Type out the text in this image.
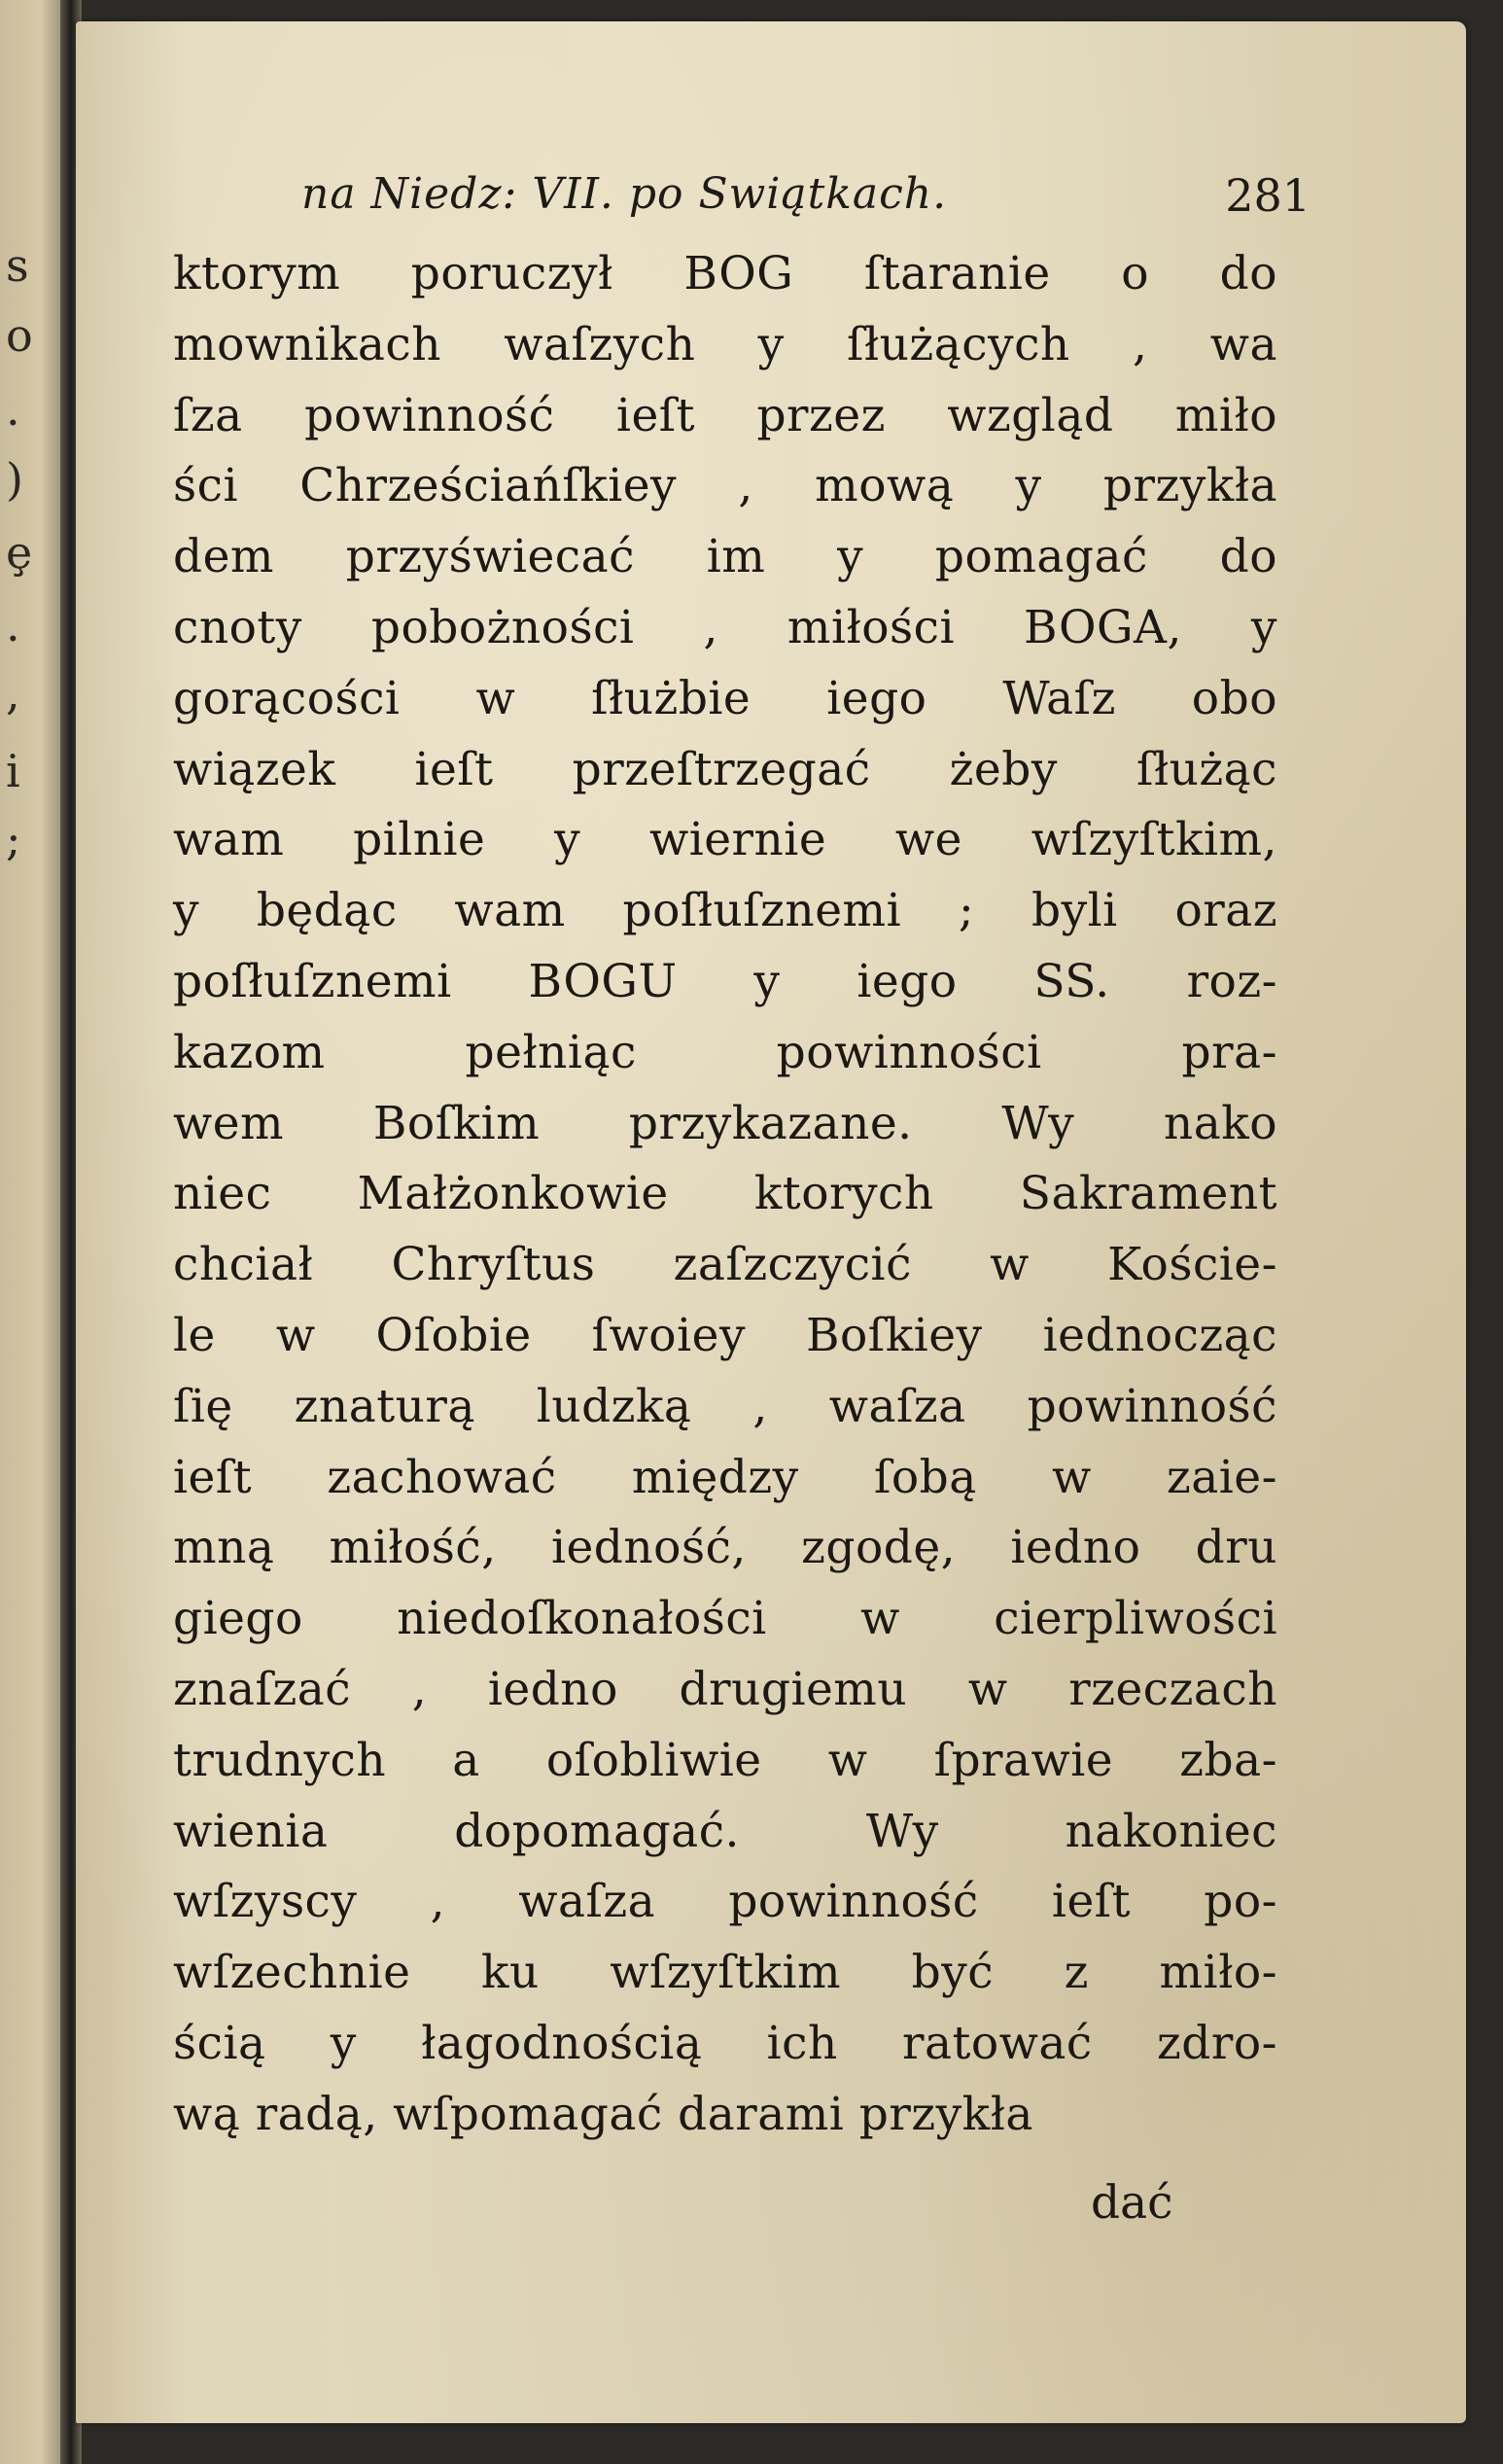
s
o
.
)
ȩ
.
,
i
;
na Niedz: VII. po Swiątkach.	281
ktorym poruczył BOG ſtaranie o do
mownikach waſzych y ſłużących , wa
ſza powinność ieſt przez wzgląd miło
ści Chrześciańſkiey , mową y przykła
dem przyświecać im y pomagać do
cnoty pobożności , miłości BOGA, y
gorącości w ſłużbie iego Waſz obo
wiązek ieſt przeſtrzegać żeby ſłużąc
wam pilnie y wiernie we wſzyſtkim,
y będąc wam poſłuſznemi ; byli oraz
poſłuſznemi BOGU y iego SS. roz-
kazom pełniąc powinności pra-
wem Boſkim przykazane. Wy nako
niec Małżonkowie ktorych Sakrament
chciał Chryſtus zaſzczycić w Koście-
le w Oſobie ſwoiey Boſkiey iednocząc
ſię znaturą ludzką , waſza powinność
ieſt zachować między ſobą w zaie-
mną miłość, iedność, zgodę, iedno dru
giego niedoſkonałości w cierpliwości
znaſzać , iedno drugiemu w rzeczach
trudnych a oſobliwie w ſprawie zba-
wienia dopomagać. Wy nakoniec
wſzyscy , waſza powinność ieſt po-
wſzechnie ku wſzyſtkim być z miło-
ścią y łagodnością ich ratować zdro-
wą radą, wſpomagać darami przykła
dać
